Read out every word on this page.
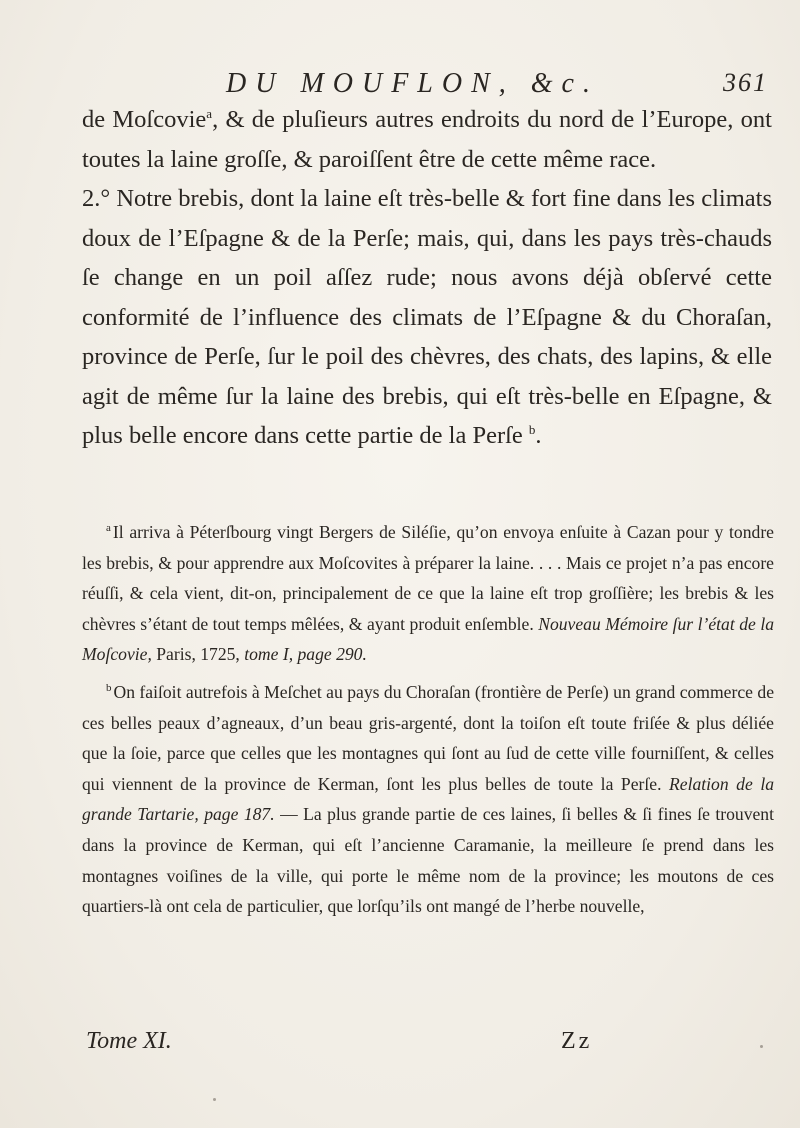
DU MOUFLON, &c.	361

de Moſcovie$^a$, & de pluſieurs autres endroits du nord de l’Europe, ont toutes la laine groſſe, & paroiſſent être de cette même race.

2.° Notre brebis, dont la laine eſt très-belle & fort fine dans les climats doux de l’Eſpagne & de la Perſe; mais, qui, dans les pays très-chauds ſe change en un poil aſſez rude; nous avons déjà obſervé cette conformité de l’influence des climats de l’Eſpagne & du Choraſan, province de Perſe, ſur le poil des chèvres, des chats, des lapins, & elle agit de même ſur la laine des brebis, qui eſt très-belle en Eſpagne, & plus belle encore dans cette partie de la Perſe $^b$.

$^a$ Il arriva à Péterſbourg vingt Bergers de Siléſie, qu’on envoya enſuite à Cazan pour y tondre les brebis, & pour apprendre aux Moſcovites à préparer la laine. . . . Mais ce projet n’a pas encore réuſſi, & cela vient, dit-on, principalement de ce que la laine eſt trop groſſière; les brebis & les chèvres s’étant de tout temps mêlées, & ayant produit enſemble. Nouveau Mémoire ſur l’état de la Moſcovie, Paris, 1725, tome I, page 290.

$^b$ On faiſoit autrefois à Meſchet au pays du Choraſan (frontière de Perſe) un grand commerce de ces belles peaux d’agneaux, d’un beau gris-argenté, dont la toiſon eſt toute friſée & plus déliée que la ſoie, parce que celles que les montagnes qui ſont au ſud de cette ville fourniſſent, & celles qui viennent de la province de Kerman, ſont les plus belles de toute la Perſe. Relation de la grande Tartarie, page 187. — La plus grande partie de ces laines, ſi belles & ſi fines ſe trouvent dans la province de Kerman, qui eſt l’ancienne Caramanie, la meilleure ſe prend dans les montagnes voiſines de la ville, qui porte le même nom de la province; les moutons de ces quartiers-là ont cela de particulier, que lorſqu’ils ont mangé de l’herbe nouvelle,

Tome XI.	Zz
